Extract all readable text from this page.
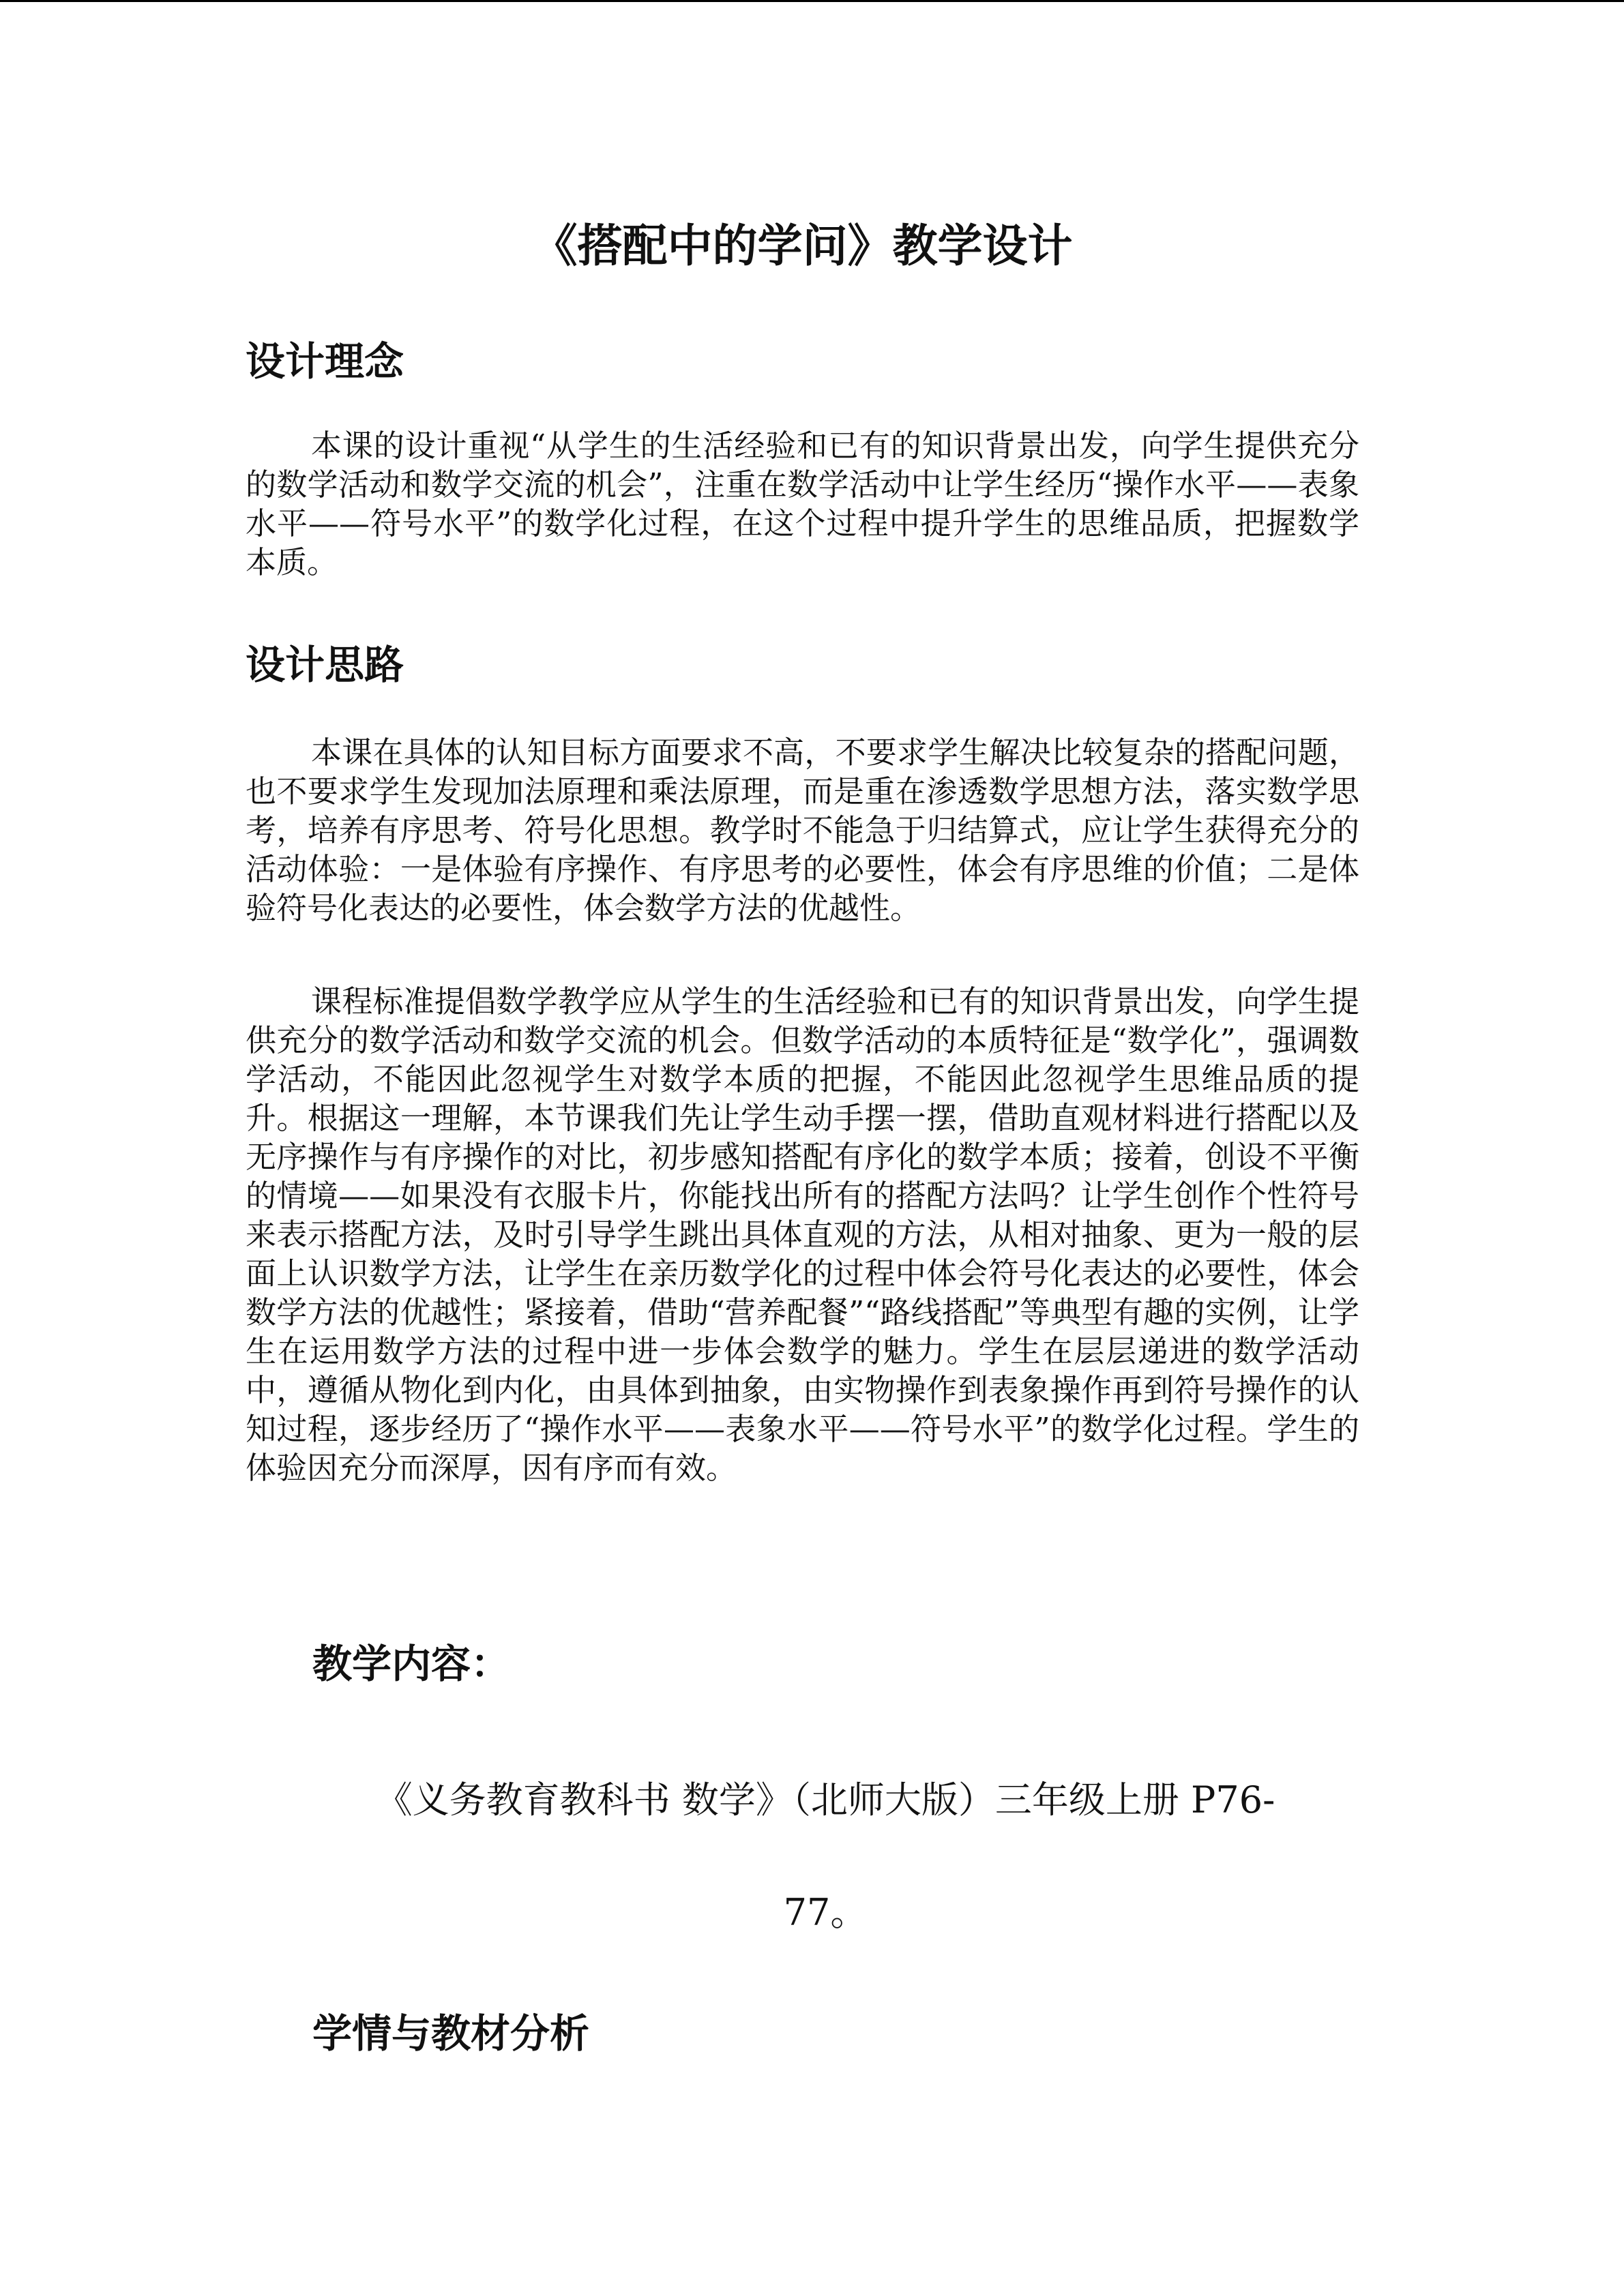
《搭配中的学问》教学设计
设计理念

本课的设计重视“从学生的生活经验和已有的知识背景出发，向学生提供充分的数学活动和数学交流的机会”，注重在数学活动中让学生经历“操作水平——表象水平——符号水平”的数学化过程，在这个过程中提升学生的思维品质，把握数学本质。

设计思路

本课在具体的认知目标方面要求不高，不要求学生解决比较复杂的搭配问题，也不要求学生发现加法原理和乘法原理，而是重在渗透数学思想方法，落实数学思考，培养有序思考、符号化思想。教学时不能急于归结算式，应让学生获得充分的活动体验：一是体验有序操作、有序思考的必要性，体会有序思维的价值；二是体验符号化表达的必要性，体会数学方法的优越性。

课程标准提倡数学教学应从学生的生活经验和已有的知识背景出发，向学生提供充分的数学活动和数学交流的机会。但数学活动的本质特征是“数学化”，强调数学活动，不能因此忽视学生对数学本质的把握，不能因此忽视学生思维品质的提升。根据这一理解，本节课我们先让学生动手摆一摆，借助直观材料进行搭配以及无序操作与有序操作的对比，初步感知搭配有序化的数学本质；接着，创设不平衡的情境——如果没有衣服卡片，你能找出所有的搭配方法吗？让学生创作个性符号来表示搭配方法，及时引导学生跳出具体直观的方法，从相对抽象、更为一般的层面上认识数学方法，让学生在亲历数学化的过程中体会符号化表达的必要性，体会数学方法的优越性；紧接着，借助“营养配餐”“路线搭配”等典型有趣的实例，让学生在运用数学方法的过程中进一步体会数学的魅力。学生在层层递进的数学活动中，遵循从物化到内化，由具体到抽象，由实物操作到表象操作再到符号操作的认知过程，逐步经历了“操作水平——表象水平——符号水平”的数学化过程。学生的体验因充分而深厚，因有序而有效。

教学内容：

《义务教育教科书 数学》（北师大版）三年级上册 P76-77。

学情与教材分析
